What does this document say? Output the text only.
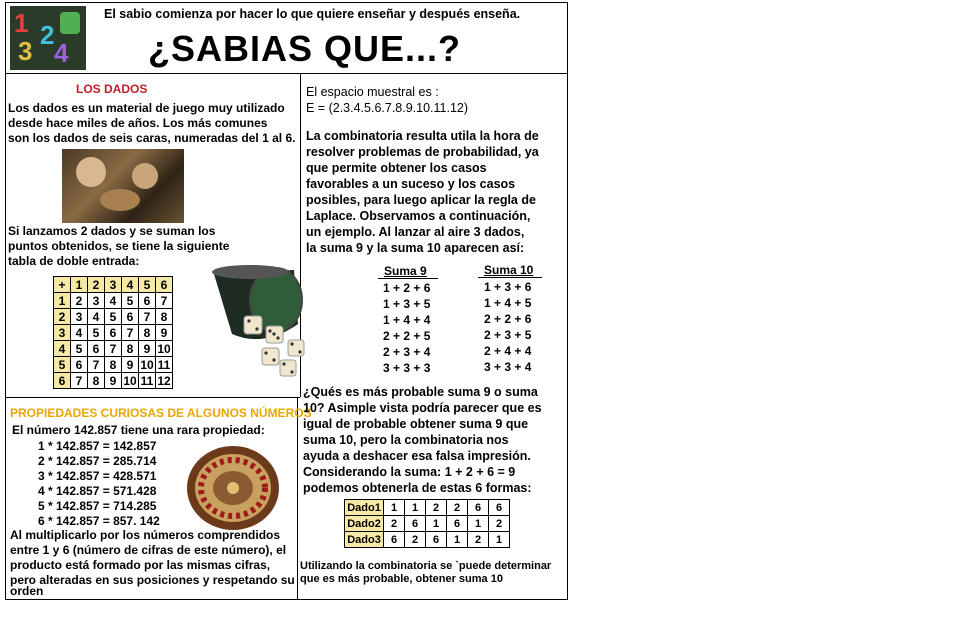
1 2
3 4
El sabio comienza por hacer lo que quiere enseñar y después enseña.
¿SABIAS QUE...?
LOS DADOS
Los dados es un material de juego muy utilizado
desde hace miles de años. Los más comunes
son los dados de seis caras, numeradas del 1 al 6.
Si lanzamos 2 dados y se suman los
puntos obtenidos, se tiene la siguiente
tabla de doble entrada:
+	1	2	3	4	5	6
1	2	3	4	5	6	7
2	3	4	5	6	7	8
3	4	5	6	7	8	9
4	5	6	7	8	9	10
5	6	7	8	9	10	11
6	7	8	9	10	11	12
PROPIEDADES CURIOSAS DE ALGUNOS NÚMEROS
El número 142.857 tiene una rara propiedad:
1 * 142.857 = 142.857
2 * 142.857 = 285.714
3 * 142.857 = 428.571
4 * 142.857 = 571.428
5 * 142.857 = 714.285
6 * 142.857 = 857. 142
Al multiplicarlo por los números comprendidos
entre 1 y 6 (número de cifras de este número), el
producto está formado por las mismas cifras,
pero alteradas en sus posiciones y respetando su
orden
El espacio muestral es :
E = (2.3.4.5.6.7.8.9.10.11.12)
La combinatoria resulta utila la hora de
resolver problemas de probabilidad, ya
que permite obtener los casos
favorables a un suceso y los casos
posibles, para luego aplicar la regla de
Laplace. Observamos a continuación,
un ejemplo. Al lanzar al aire 3 dados,
la suma 9 y la suma 10 aparecen así:
Suma 9
1 + 2 + 6
1 + 3 + 5
1 + 4 + 4
2 + 2 + 5
2 + 3 + 4
3 + 3 + 3
Suma 10
1 + 3 + 6
1 + 4 + 5
2 + 2 + 6
2 + 3 + 5
2 + 4 + 4
3 + 3 + 4
¿Qués es más probable suma 9 o suma
10? Asimple vista podría parecer que es
igual de probable obtener suma 9 que
suma 10, pero la combinatoria nos
ayuda a deshacer esa falsa impresión.
Considerando la suma: 1 + 2 + 6 = 9
podemos obtenerla de estas 6 formas:
Dado1	1	1	2	2	6	6
Dado2	2	6	1	6	1	2
Dado3	6	2	6	1	2	1
Utilizando la combinatoria se `puede determinar
que es más probable, obtener suma 10
